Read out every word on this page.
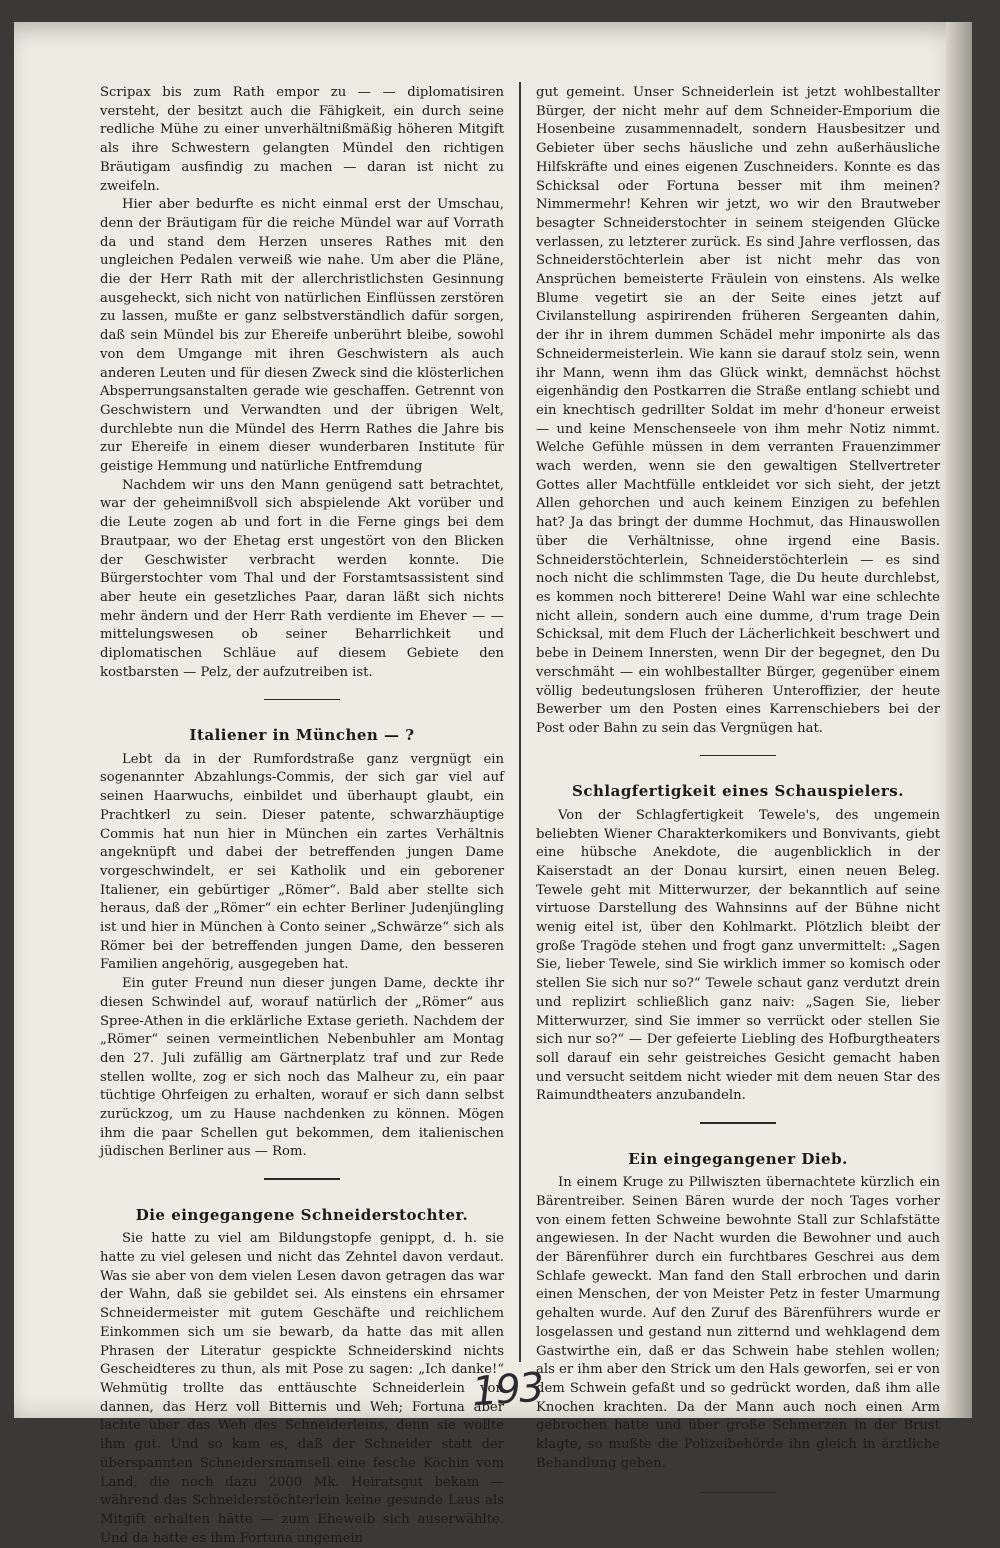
Scripax bis zum Rath empor zu — — diplomatisiren versteht, der besitzt auch die Fähigkeit, ein durch seine redliche Mühe zu einer unverhältnißmäßig höheren Mitgift als ihre Schwestern gelangten Mündel den richtigen Bräutigam ausfindig zu machen — daran ist nicht zu zweifeln.

Hier aber bedurfte es nicht einmal erst der Umschau, denn der Bräutigam für die reiche Mündel war auf Vorrath da und stand dem Herzen unseres Rathes mit den ungleichen Pedalen verweiß wie nahe. Um aber die Pläne, die der Herr Rath mit der allerchristlichsten Gesinnung ausgeheckt, sich nicht von natürlichen Einflüssen zerstören zu lassen, mußte er ganz selbstverständlich dafür sorgen, daß sein Mündel bis zur Ehereife unberührt bleibe, sowohl von dem Umgange mit ihren Geschwistern als auch anderen Leuten und für diesen Zweck sind die klösterlichen Absperrungsanstalten gerade wie geschaffen. Getrennt von Geschwistern und Verwandten und der übrigen Welt, durchlebte nun die Mündel des Herrn Rathes die Jahre bis zur Ehereife in einem dieser wunderbaren Institute für geistige Hemmung und natürliche Entfremdung

Nachdem wir uns den Mann genügend satt betrachtet, war der geheimnißvoll sich abspielende Akt vorüber und die Leute zogen ab und fort in die Ferne gings bei dem Brautpaar, wo der Ehetag erst ungestört von den Blicken der Geschwister verbracht werden konnte. Die Bürgerstochter vom Thal und der Forstamtsassistent sind aber heute ein gesetzliches Paar, daran läßt sich nichts mehr ändern und der Herr Rath verdiente im Ehever — — mittelungswesen ob seiner Beharrlichkeit und diplomatischen Schläue auf diesem Gebiete den kostbarsten — Pelz, der aufzutreiben ist.

Italiener in München — ?

Lebt da in der Rumfordstraße ganz vergnügt ein sogenannter Abzahlungs-Commis, der sich gar viel auf seinen Haarwuchs, einbildet und überhaupt glaubt, ein Prachtkerl zu sein. Dieser patente, schwarzhäuptige Commis hat nun hier in München ein zartes Verhältnis angeknüpft und dabei der betreffenden jungen Dame vorgeschwindelt, er sei Katholik und ein geborener Italiener, ein gebürtiger „Römer“. Bald aber stellte sich heraus, daß der „Römer“ ein echter Berliner Judenjüngling ist und hier in München à Conto seiner „Schwärze“ sich als Römer bei der betreffenden jungen Dame, den besseren Familien angehörig, ausgegeben hat.

Ein guter Freund nun dieser jungen Dame, deckte ihr diesen Schwindel auf, worauf natürlich der „Römer“ aus Spree-Athen in die erklärliche Extase gerieth. Nachdem der „Römer“ seinen vermeintlichen Nebenbuhler am Montag den 27. Juli zufällig am Gärtnerplatz traf und zur Rede stellen wollte, zog er sich noch das Malheur zu, ein paar tüchtige Ohrfeigen zu erhalten, worauf er sich dann selbst zurückzog, um zu Hause nachdenken zu können. Mögen ihm die paar Schellen gut bekommen, dem italienischen jüdischen Berliner aus — Rom.

Die eingegangene Schneiderstochter.

Sie hatte zu viel am Bildungstopfe genippt, d. h. sie hatte zu viel gelesen und nicht das Zehntel davon verdaut. Was sie aber von dem vielen Lesen davon getragen das war der Wahn, daß sie gebildet sei. Als einstens ein ehrsamer Schneidermeister mit gutem Geschäfte und reichlichem Einkommen sich um sie bewarb, da hatte das mit allen Phrasen der Literatur gespickte Schneiderskind nichts Gescheidteres zu thun, als mit Pose zu sagen: „Ich danke!“ Wehmütig trollte das enttäuschte Schneiderlein von dannen, das Herz voll Bitternis und Weh; Fortuna aber lachte über das Weh des Schneiderleins, denn sie wollte ihm gut. Und so kam es, daß der Schneider statt der überspannten Schneidersmamsell eine fesche Köchin vom Land, die noch dazu 2000 Mk. Heiratsgut bekam — während das Schneiderstöchterlein keine gesunde Laus als Mitgift erhalten hätte — zum Eheweib sich auserwählte. Und da hatte es ihm Fortuna ungemein

gut gemeint. Unser Schneiderlein ist jetzt wohlbestallter Bürger, der nicht mehr auf dem Schneider-Emporium die Hosenbeine zusammennadelt, sondern Hausbesitzer und Gebieter über sechs häusliche und zehn außerhäusliche Hilfskräfte und eines eigenen Zuschneiders. Konnte es das Schicksal oder Fortuna besser mit ihm meinen? Nimmermehr! Kehren wir jetzt, wo wir den Brautweber besagter Schneiderstochter in seinem steigenden Glücke verlassen, zu letzterer zurück. Es sind Jahre verflossen, das Schneiderstöchterlein aber ist nicht mehr das von Ansprüchen bemeisterte Fräulein von einstens. Als welke Blume vegetirt sie an der Seite eines jetzt auf Civilanstellung aspirirenden früheren Sergeanten dahin, der ihr in ihrem dummen Schädel mehr imponirte als das Schneidermeisterlein. Wie kann sie darauf stolz sein, wenn ihr Mann, wenn ihm das Glück winkt, demnächst höchst eigenhändig den Postkarren die Straße entlang schiebt und ein knechtisch gedrillter Soldat im mehr d'honeur erweist — und keine Menschenseele von ihm mehr Notiz nimmt. Welche Gefühle müssen in dem verranten Frauenzimmer wach werden, wenn sie den gewaltigen Stellvertreter Gottes aller Machtfülle entkleidet vor sich sieht, der jetzt Allen gehorchen und auch keinem Einzigen zu befehlen hat? Ja das bringt der dumme Hochmut, das Hinauswollen über die Verhältnisse, ohne irgend eine Basis. Schneiderstöchterlein, Schneiderstöchterlein — es sind noch nicht die schlimmsten Tage, die Du heute durchlebst, es kommen noch bitterere! Deine Wahl war eine schlechte nicht allein, sondern auch eine dumme, d'rum trage Dein Schicksal, mit dem Fluch der Lächerlichkeit beschwert und bebe in Deinem Innersten, wenn Dir der begegnet, den Du verschmäht — ein wohlbestallter Bürger, gegenüber einem völlig bedeutungslosen früheren Unteroffizier, der heute Bewerber um den Posten eines Karrenschiebers bei der Post oder Bahn zu sein das Vergnügen hat.

Schlagfertigkeit eines Schauspielers.

Von der Schlagfertigkeit Tewele's, des ungemein beliebten Wiener Charakterkomikers und Bonvivants, giebt eine hübsche Anekdote, die augenblicklich in der Kaiserstadt an der Donau kursirt, einen neuen Beleg. Tewele geht mit Mitterwurzer, der bekanntlich auf seine virtuose Darstellung des Wahnsinns auf der Bühne nicht wenig eitel ist, über den Kohlmarkt. Plötzlich bleibt der große Tragöde stehen und frogt ganz unvermittelt: „Sagen Sie, lieber Tewele, sind Sie wirklich immer so komisch oder stellen Sie sich nur so?“ Tewele schaut ganz verdutzt drein und replizirt schließlich ganz naiv: „Sagen Sie, lieber Mitterwurzer, sind Sie immer so verrückt oder stellen Sie sich nur so?“ — Der gefeierte Liebling des Hofburgtheaters soll darauf ein sehr geistreiches Gesicht gemacht haben und versucht seitdem nicht wieder mit dem neuen Star des Raimundtheaters anzubandeln.

Ein eingegangener Dieb.

In einem Kruge zu Pillwiszten übernachtete kürzlich ein Bärentreiber. Seinen Bären wurde der noch Tages vorher von einem fetten Schweine bewohnte Stall zur Schlafstätte angewiesen. In der Nacht wurden die Bewohner und auch der Bärenführer durch ein furchtbares Geschrei aus dem Schlafe geweckt. Man fand den Stall erbrochen und darin einen Menschen, der von Meister Petz in fester Umarmung gehalten wurde. Auf den Zuruf des Bärenführers wurde er losgelassen und gestand nun zitternd und wehklagend dem Gastwirthe ein, daß er das Schwein habe stehlen wollen; als er ihm aber den Strick um den Hals geworfen, sei er von dem Schwein gefaßt und so gedrückt worden, daß ihm alle Knochen krachten. Da der Mann auch noch einen Arm gebrochen hatte und über große Schmerzen in der Brust klagte, so mußte die Polizeibehörde ihn gleich in ärztliche Behandlung geben.

193
